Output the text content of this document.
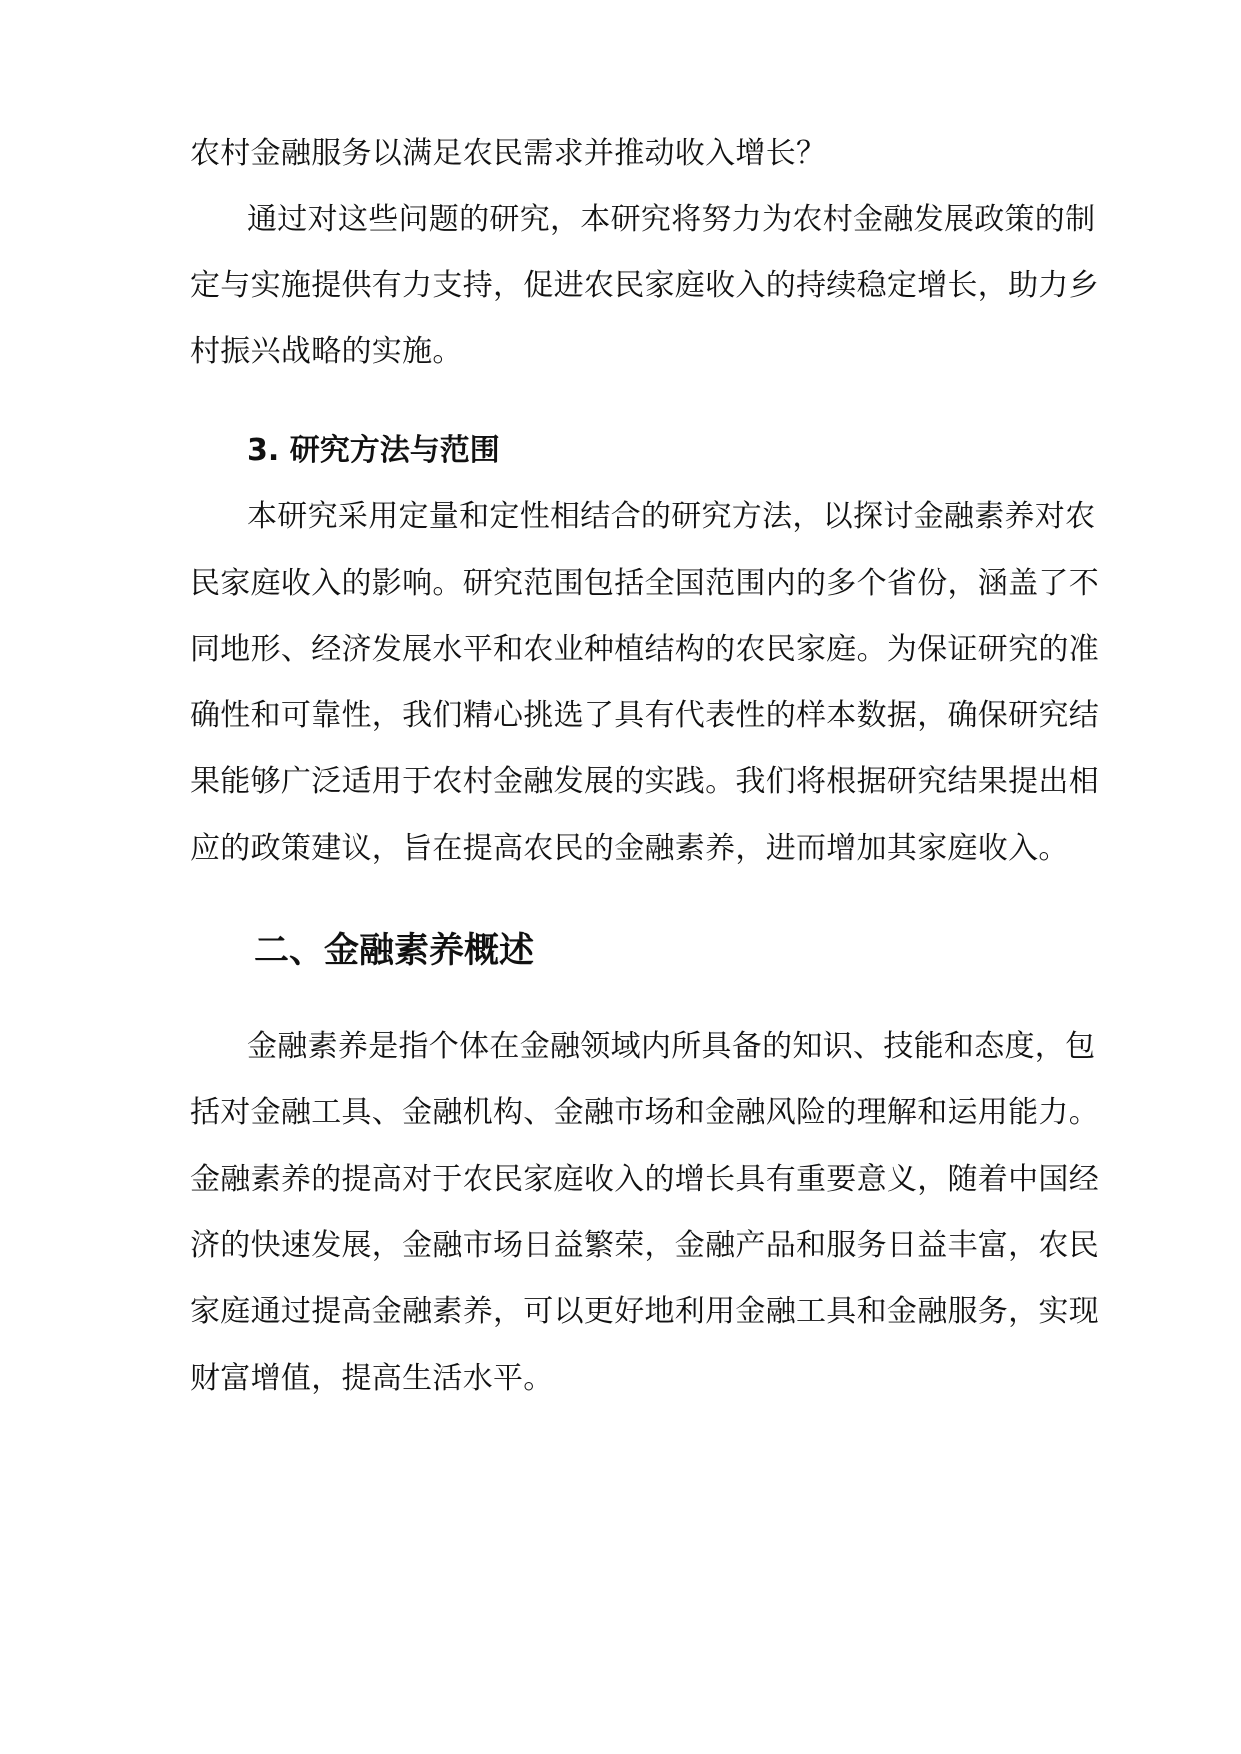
农村金融服务以满足农民需求并推动收入增长？
通过对这些问题的研究，本研究将努力为农村金融发展政策的制
定与实施提供有力支持，促进农民家庭收入的持续稳定增长，助力乡
村振兴战略的实施。
3. 研究方法与范围
本研究采用定量和定性相结合的研究方法，以探讨金融素养对农
民家庭收入的影响。研究范围包括全国范围内的多个省份，涵盖了不
同地形、经济发展水平和农业种植结构的农民家庭。为保证研究的准
确性和可靠性，我们精心挑选了具有代表性的样本数据，确保研究结
果能够广泛适用于农村金融发展的实践。我们将根据研究结果提出相
应的政策建议，旨在提高农民的金融素养，进而增加其家庭收入。
二、金融素养概述
金融素养是指个体在金融领域内所具备的知识、技能和态度，包
括对金融工具、金融机构、金融市场和金融风险的理解和运用能力。
金融素养的提高对于农民家庭收入的增长具有重要意义，随着中国经
济的快速发展，金融市场日益繁荣，金融产品和服务日益丰富，农民
家庭通过提高金融素养，可以更好地利用金融工具和金融服务，实现
财富增值，提高生活水平。
